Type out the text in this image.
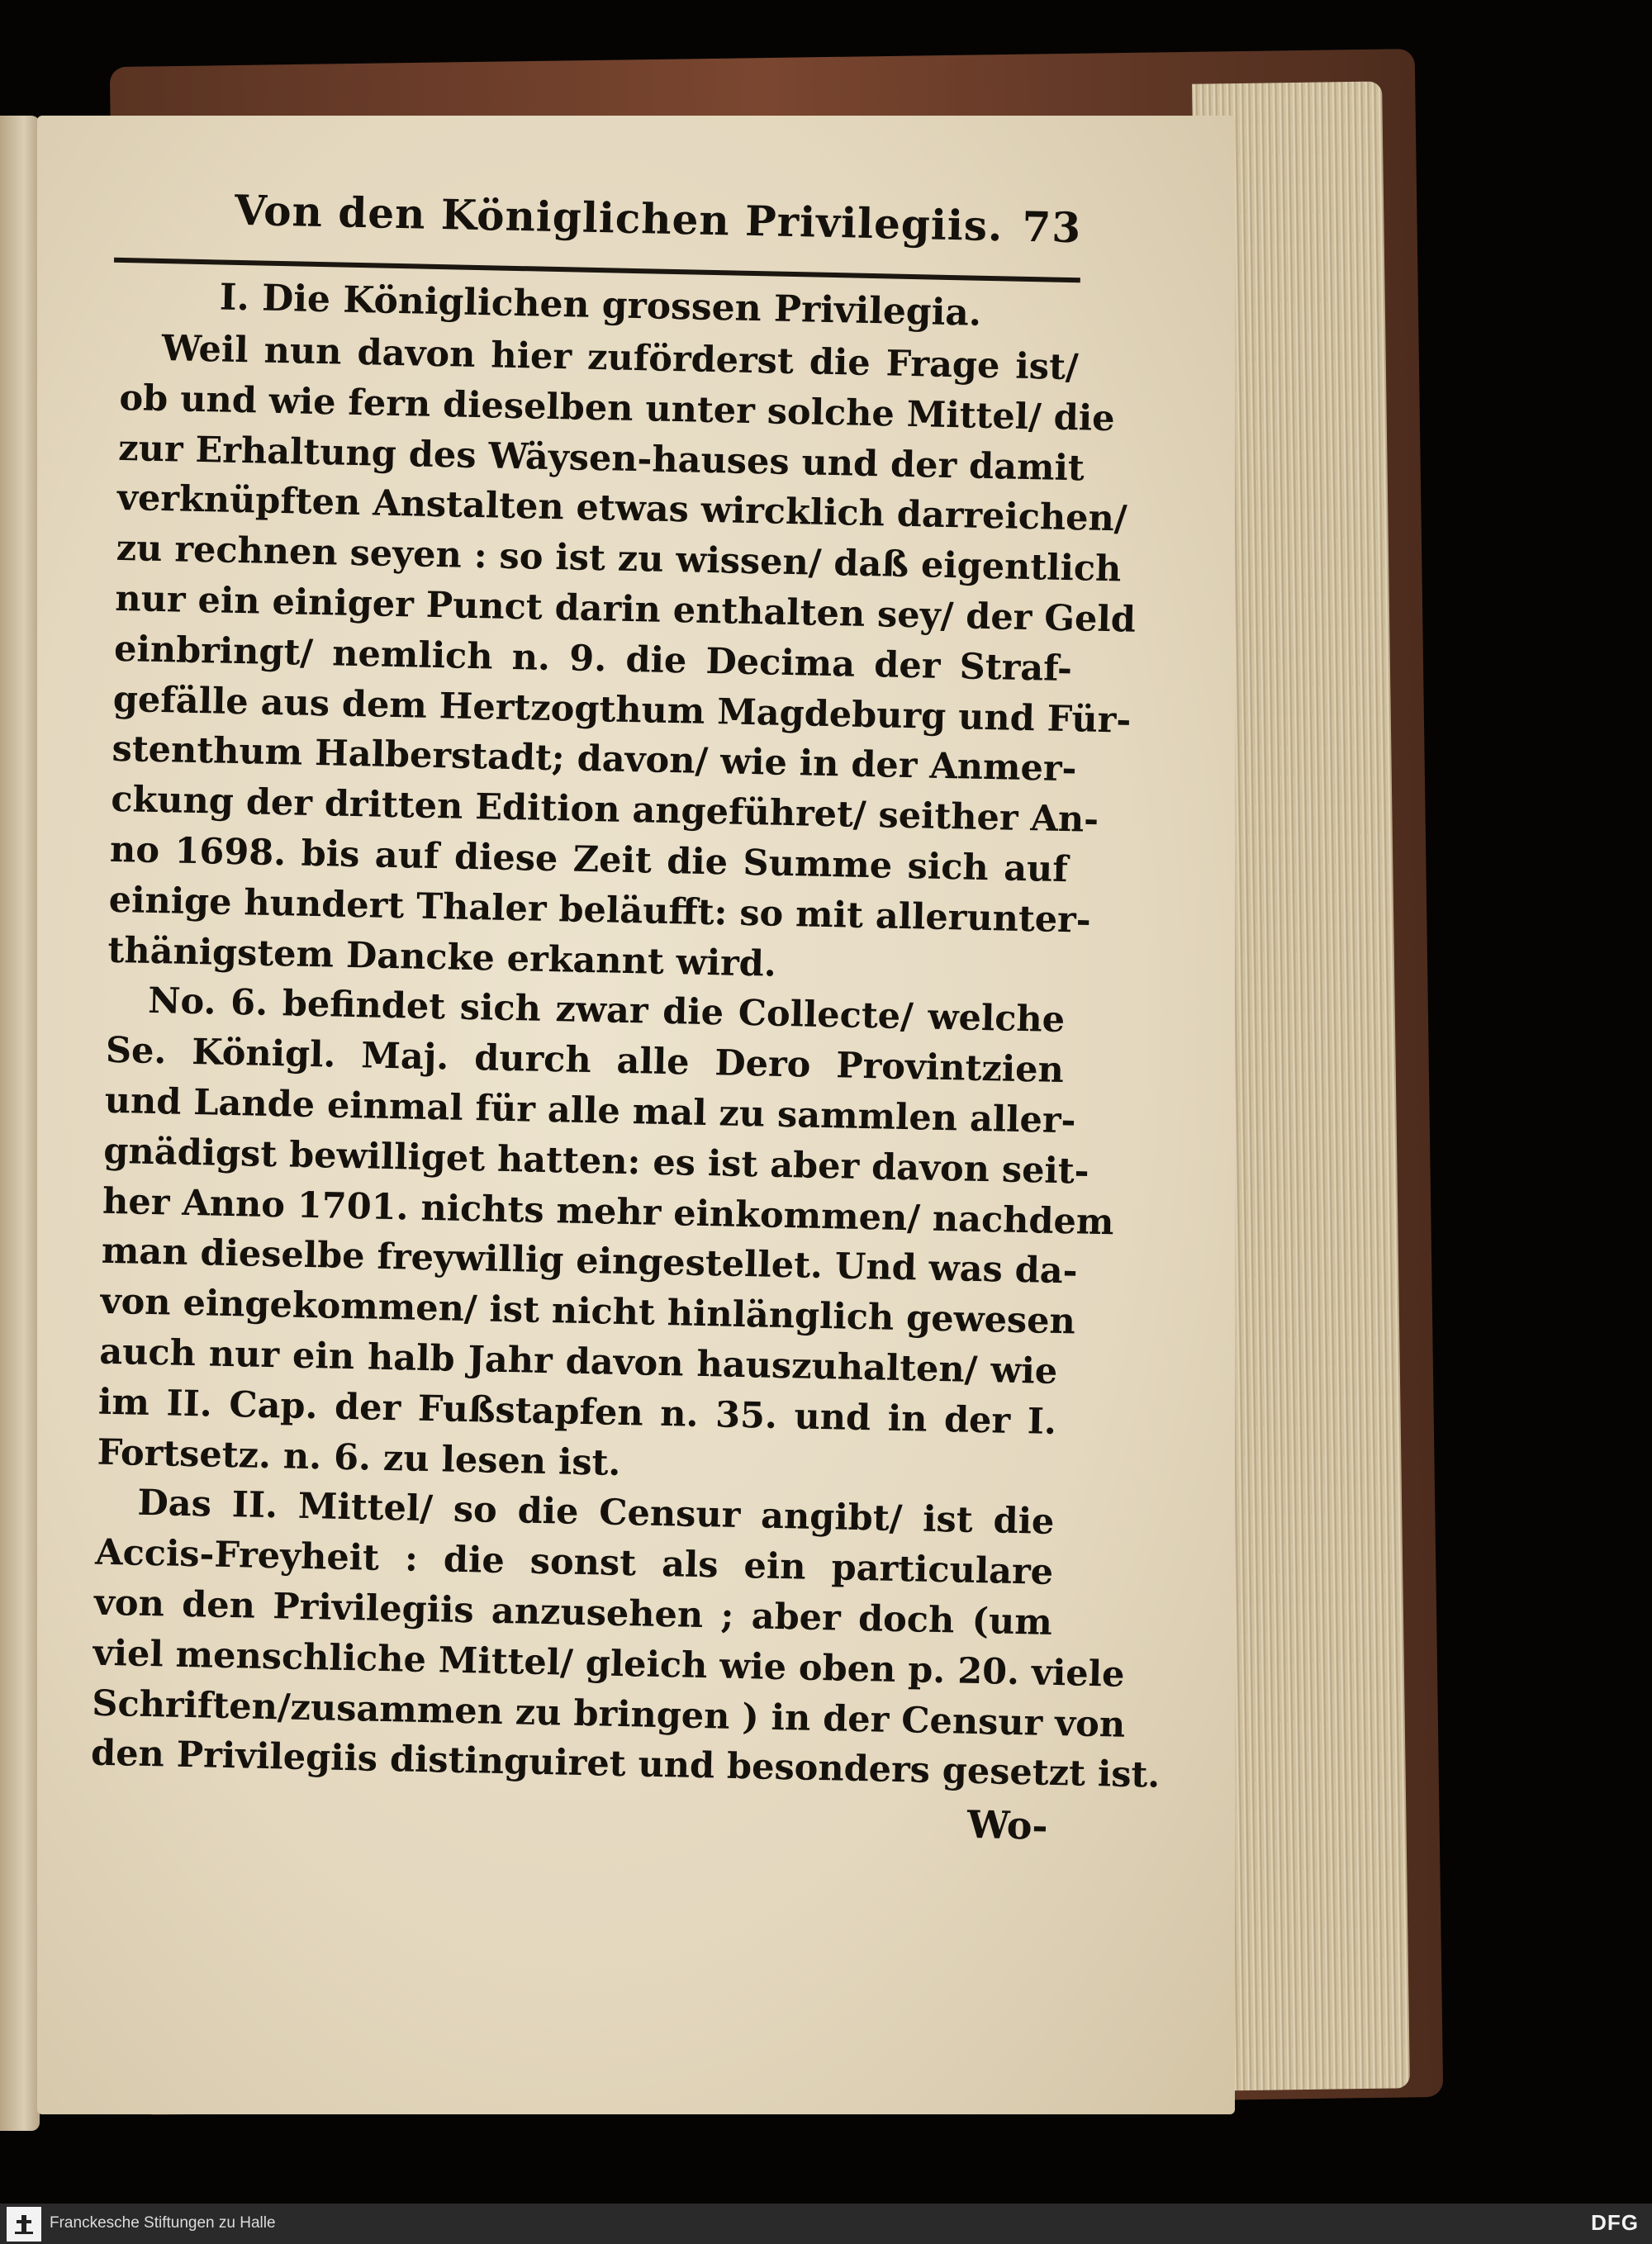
Von den Königlichen Privilegiis. 73
I. Die Königlichen grossen Privilegia.
Weil nun davon hier zuförderst die Frage ist/
ob und wie fern dieselben unter solche Mittel/ die
zur Erhaltung des Wäysen-hauses und der damit
verknüpften Anstalten etwas wircklich darreichen/
zu rechnen seyen : so ist zu wissen/ daß eigentlich
nur ein einiger Punct darin enthalten sey/ der Geld
einbringt/ nemlich n. 9. die Decima der Straf-
gefälle aus dem Hertzogthum Magdeburg und Für-
stenthum Halberstadt; davon/ wie in der Anmer-
ckung der dritten Edition angeführet/ seither An-
no 1698. bis auf diese Zeit die Summe sich auf
einige hundert Thaler beläufft: so mit allerunter-
thänigstem Dancke erkannt wird.
No. 6. befindet sich zwar die Collecte/ welche
Se. Königl. Maj. durch alle Dero Provintzien
und Lande einmal für alle mal zu sammlen aller-
gnädigst bewilliget hatten: es ist aber davon seit-
her Anno 1701. nichts mehr einkommen/ nachdem
man dieselbe freywillig eingestellet. Und was da-
von eingekommen/ ist nicht hinlänglich gewesen
auch nur ein halb Jahr davon hauszuhalten/ wie
im II. Cap. der Fußstapfen n. 35. und in der I.
Fortsetz. n. 6. zu lesen ist.
Das II. Mittel/ so die Censur angibt/ ist die
Accis-Freyheit : die sonst als ein particulare
von den Privilegiis anzusehen ; aber doch (um
viel menschliche Mittel/ gleich wie oben p. 20. viele
Schriften/zusammen zu bringen ) in der Censur von
den Privilegiis distinguiret und besonders gesetzt ist.
Wo-
Franckesche Stiftungen zu Halle	DFG
